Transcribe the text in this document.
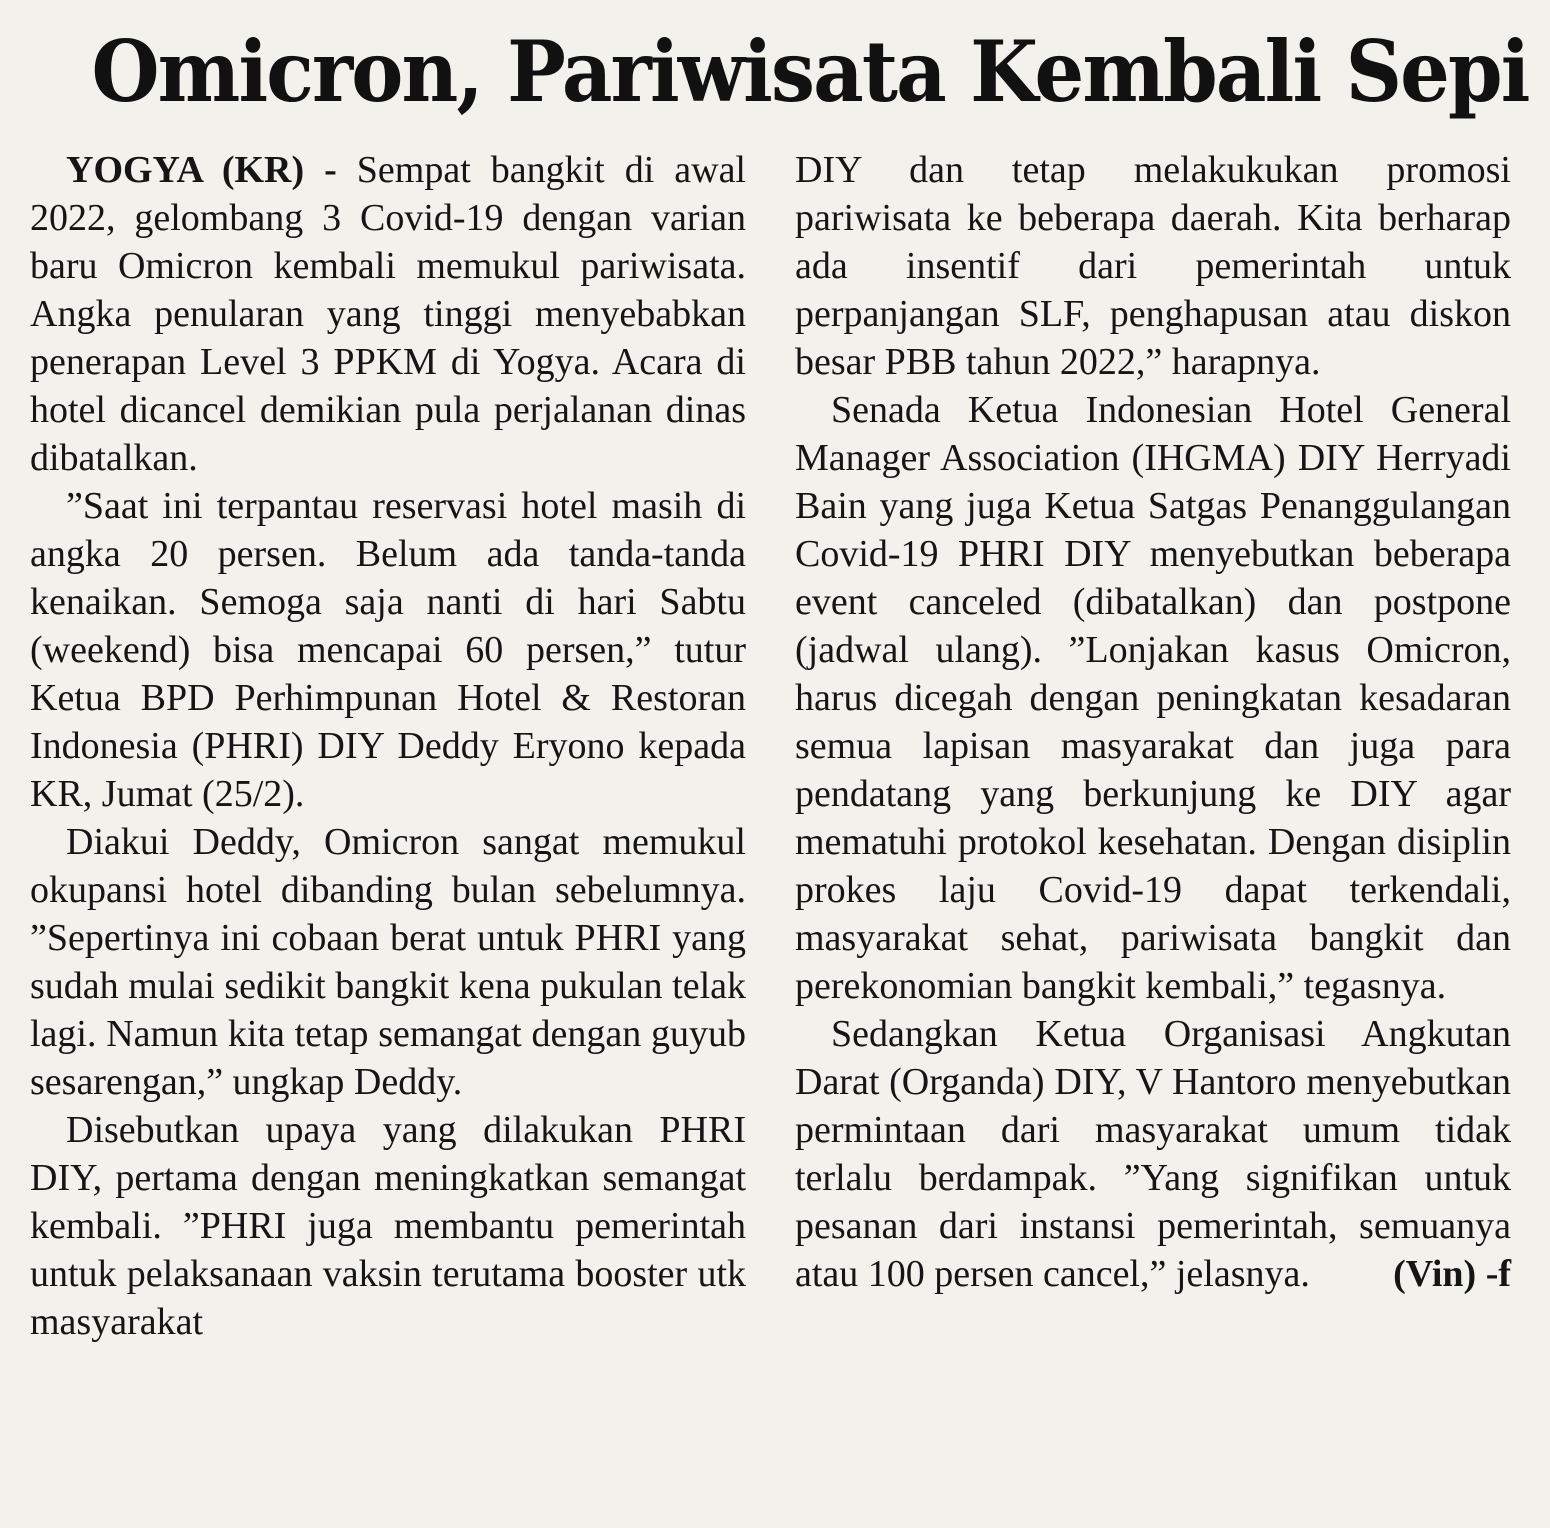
Omicron, Pariwisata Kembali Sepi

YOGYA (KR) - Sempat bangkit di awal 2022, gelombang 3 Covid-19 dengan varian baru Omicron kembali memukul pariwisata. Angka penularan yang tinggi menyebabkan penerapan Level 3 PPKM di Yogya. Acara di hotel dicancel demikian pula perjalanan dinas dibatalkan.

”Saat ini terpantau reservasi hotel masih di angka 20 persen. Belum ada tanda-tanda kenaikan. Semoga saja nanti di hari Sabtu (weekend) bisa mencapai 60 persen,” tutur Ketua BPD Perhimpunan Hotel & Restoran Indonesia (PHRI) DIY Deddy Eryono kepada KR, Jumat (25/2).

Diakui Deddy, Omicron sangat memukul okupansi hotel dibanding bulan sebelumnya. ”Sepertinya ini cobaan berat untuk PHRI yang sudah mulai sedikit bangkit kena pukulan telak lagi. Namun kita tetap semangat dengan guyub sesarengan,” ungkap Deddy.

Disebutkan upaya yang dilakukan PHRI DIY, pertama dengan meningkatkan semangat kembali. ”PHRI juga membantu pemerintah untuk pelaksanaan vaksin terutama booster utk masyarakat

DIY dan tetap melakukukan promosi pariwisata ke beberapa daerah. Kita berharap ada insentif dari pemerintah untuk perpanjangan SLF, penghapusan atau diskon besar PBB tahun 2022,” harapnya.

Senada Ketua Indonesian Hotel General Manager Association (IHGMA) DIY Herryadi Bain yang juga Ketua Satgas Penanggulangan Covid-19 PHRI DIY menyebutkan beberapa event canceled (dibatalkan) dan postpone (jadwal ulang). ”Lonjakan kasus Omicron, harus dicegah dengan peningkatan kesadaran semua lapisan masyarakat dan juga para pendatang yang berkunjung ke DIY agar mematuhi protokol kesehatan. Dengan disiplin prokes laju Covid-19 dapat terkendali, masyarakat sehat, pariwisata bangkit dan perekonomian bangkit kembali,” tegasnya.

Sedangkan Ketua Organisasi Angkutan Darat (Organda) DIY, V Hantoro menyebutkan permintaan dari masyarakat umum tidak terlalu berdampak. ”Yang signifikan untuk pesanan dari instansi pemerintah, semuanya atau 100 persen cancel,” jelasnya.	(Vin) -f
